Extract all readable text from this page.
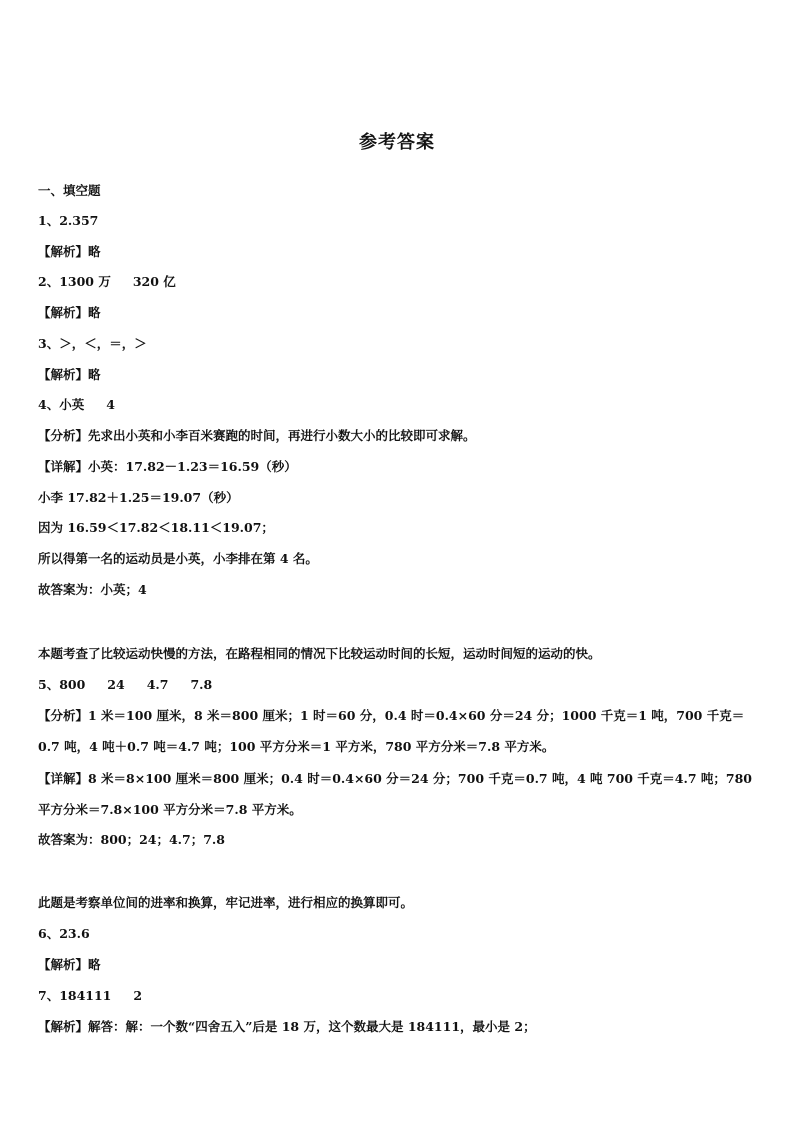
参考答案
一、填空题
1、2.357
【解析】略
2、1300 万 320 亿
【解析】略
3、＞，＜，＝，＞
【解析】略
4、小英 4
【分析】先求出小英和小李百米赛跑的时间，再进行小数大小的比较即可求解。
【详解】小英：17.82－1.23＝16.59（秒）
小李 17.82＋1.25＝19.07（秒）
因为 16.59＜17.82＜18.11＜19.07；
所以得第一名的运动员是小英，小李排在第 4 名。
故答案为：小英；4
本题考查了比较运动快慢的方法，在路程相同的情况下比较运动时间的长短，运动时间短的运动的快。
5、800 24 4.7 7.8
【分析】1 米＝100 厘米，8 米＝800 厘米；1 时＝60 分，0.4 时＝0.4×60 分＝24 分；1000 千克＝1 吨，700 千克＝0.7 吨，4 吨＋0.7 吨＝4.7 吨；100 平方分米＝1 平方米，780 平方分米＝7.8 平方米。
【详解】8 米＝8×100 厘米＝800 厘米；0.4 时＝0.4×60 分＝24 分；700 千克＝0.7 吨，4 吨 700 千克＝4.7 吨；780 平方分米＝7.8×100 平方分米＝7.8 平方米。
故答案为：800；24；4.7；7.8
此题是考察单位间的进率和换算，牢记进率，进行相应的换算即可。
6、23.6
【解析】略
7、184111 2
【解析】解答：解：一个数“四舍五入”后是 18 万，这个数最大是 184111，最小是 2；
